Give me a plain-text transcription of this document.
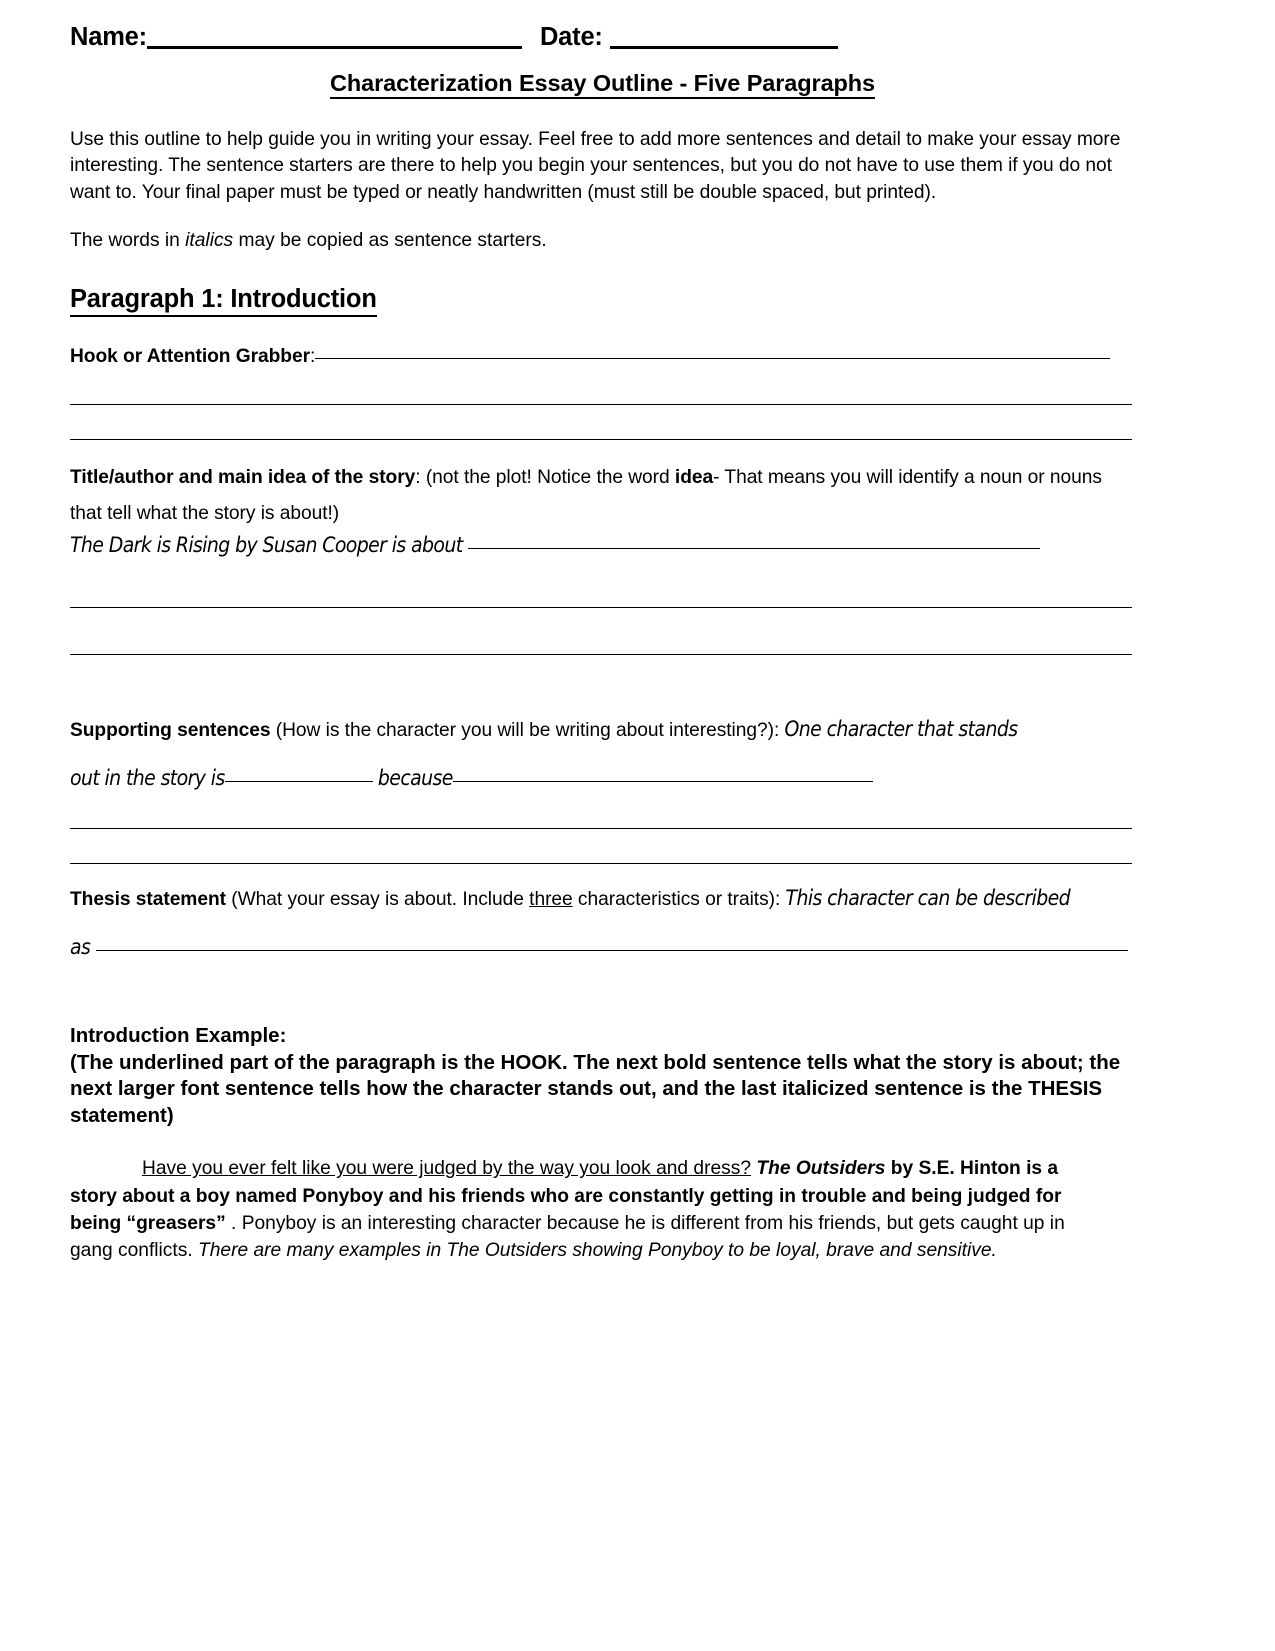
Name:	Date:
Characterization Essay Outline - Five Paragraphs

Use this outline to help guide you in writing your essay. Feel free to add more sentences and detail to make your essay more interesting. The sentence starters are there to help you begin your sentences, but you do not have to use them if you do not want to. Your final paper must be typed or neatly handwritten (must still be double spaced, but printed).

The words in italics may be copied as sentence starters.

Paragraph 1: Introduction

Hook or Attention Grabber:

Title/author and main idea of the story: (not the plot! Notice the word idea- That means you will identify a noun or nouns that tell what the story is about!)

The Dark is Rising by Susan Cooper is about

Supporting sentences (How is the character you will be writing about interesting?): One character that stands

out in the story is	because

Thesis statement (What your essay is about. Include three characteristics or traits): This character can be described

as

Introduction Example:
(The underlined part of the paragraph is the HOOK. The next bold sentence tells what the story is about; the next larger font sentence tells how the character stands out, and the last italicized sentence is the THESIS statement)

Have you ever felt like you were judged by the way you look and dress? The Outsiders by S.E. Hinton is a story about a boy named Ponyboy and his friends who are constantly getting in trouble and being judged for being “greasers” . Ponyboy is an interesting character because he is different from his friends, but gets caught up in gang conflicts. There are many examples in The Outsiders showing Ponyboy to be loyal, brave and sensitive.
